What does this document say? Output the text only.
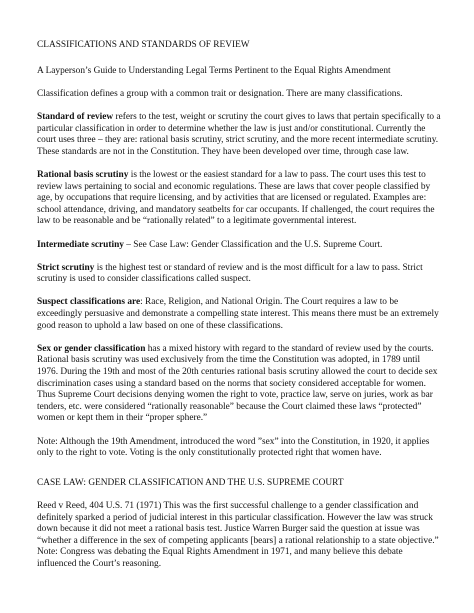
CLASSIFICATIONS AND STANDARDS OF REVIEW

A Layperson’s Guide to Understanding Legal Terms Pertinent to the Equal Rights Amendment

Classification defines a group with a common trait or designation. There are many classifications.

Standard of review refers to the test, weight or scrutiny the court gives to laws that pertain specifically to a particular classification in order to determine whether the law is just and/or constitutional. Currently the court uses three – they are: rational basis scrutiny, strict scrutiny, and the more recent intermediate scrutiny. These standards are not in the Constitution. They have been developed over time, through case law.

Rational basis scrutiny is the lowest or the easiest standard for a law to pass. The court uses this test to review laws pertaining to social and economic regulations. These are laws that cover people classified by age, by occupations that require licensing, and by activities that are licensed or regulated. Examples are: school attendance, driving, and mandatory seatbelts for car occupants. If challenged, the court requires the law to be reasonable and be “rationally related” to a legitimate governmental interest.

Intermediate scrutiny – See Case Law: Gender Classification and the U.S. Supreme Court.

Strict scrutiny is the highest test or standard of review and is the most difficult for a law to pass. Strict scrutiny is used to consider classifications called suspect.

Suspect classifications are: Race, Religion, and National Origin. The Court requires a law to be exceedingly persuasive and demonstrate a compelling state interest. This means there must be an extremely good reason to uphold a law based on one of these classifications.

Sex or gender classification has a mixed history with regard to the standard of review used by the courts. Rational basis scrutiny was used exclusively from the time the Constitution was adopted, in 1789 until 1976. During the 19th and most of the 20th centuries rational basis scrutiny allowed the court to decide sex discrimination cases using a standard based on the norms that society considered acceptable for women. Thus Supreme Court decisions denying women the right to vote, practice law, serve on juries, work as bar tenders, etc. were considered “rationally reasonable” because the Court claimed these laws “protected” women or kept them in their “proper sphere.”

Note: Although the 19th Amendment, introduced the word ”sex” into the Constitution, in 1920, it applies only to the right to vote. Voting is the only constitutionally protected right that women have.

CASE LAW: GENDER CLASSIFICATION AND THE U.S. SUPREME COURT

Reed v Reed, 404 U.S. 71 (1971) This was the first successful challenge to a gender classification and definitely sparked a period of judicial interest in this particular classification. However the law was struck down because it did not meet a rational basis test. Justice Warren Burger said the question at issue was “whether a difference in the sex of competing applicants [bears] a rational relationship to a state objective.”

Note: Congress was debating the Equal Rights Amendment in 1971, and many believe this debate influenced the Court’s reasoning.
